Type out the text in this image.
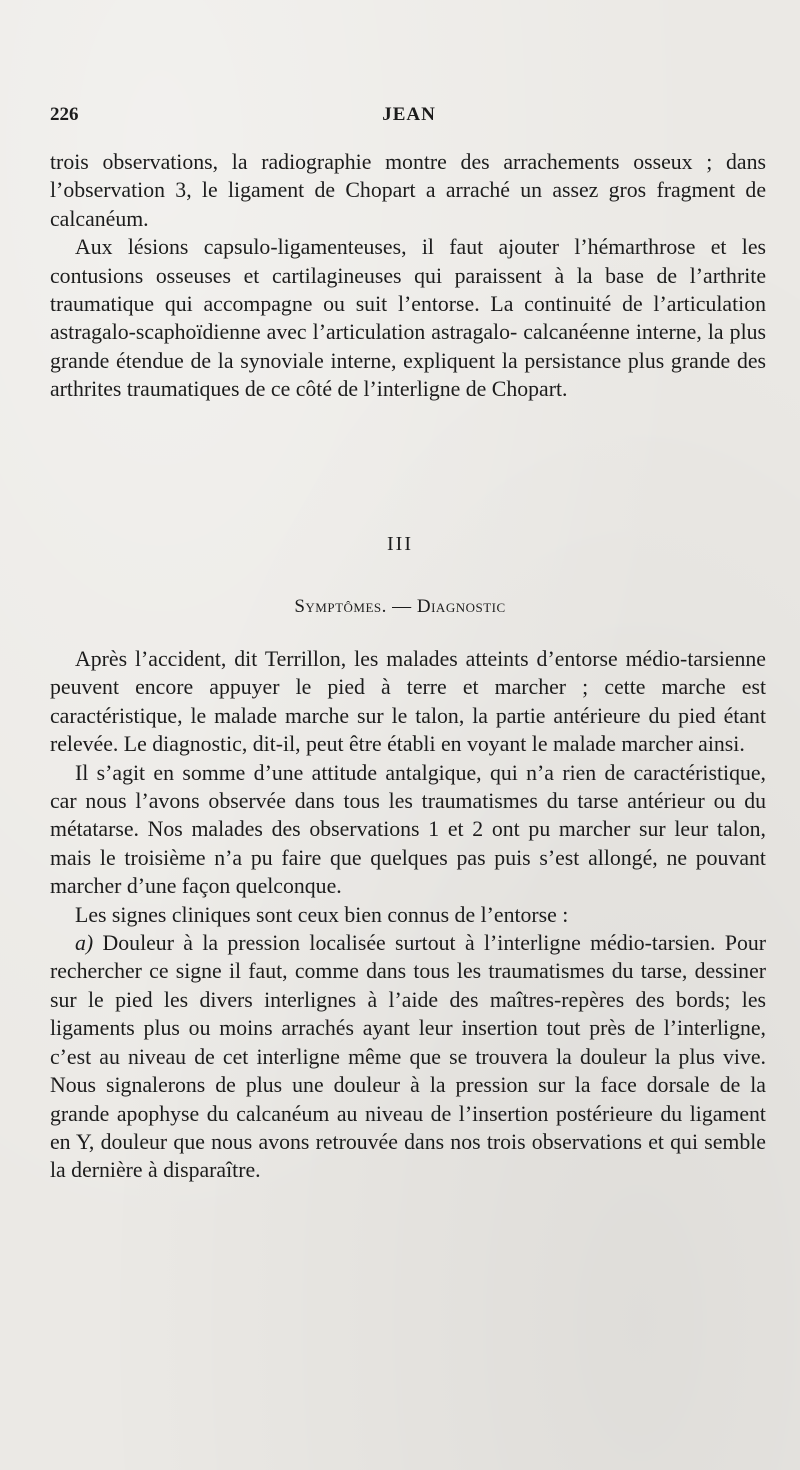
226	JEAN

trois observations, la radiographie montre des arrachements osseux ; dans l’observation 3, le ligament de Chopart a arraché un assez gros fragment de calcanéum.

Aux lésions capsulo-ligamenteuses, il faut ajouter l’hémarthrose et les contusions osseuses et cartilagineuses qui paraissent à la base de l’arthrite traumatique qui accompagne ou suit l’entorse. La continuité de l’articulation astragalo-scaphoïdienne avec l’articulation astragalo- calcanéenne interne, la plus grande étendue de la synoviale interne, expliquent la persistance plus grande des arthrites traumatiques de ce côté de l’interligne de Chopart.

III
Symptômes. — Diagnostic

Après l’accident, dit Terrillon, les malades atteints d’entorse médio-tarsienne peuvent encore appuyer le pied à terre et marcher ; cette marche est caractéristique, le malade marche sur le talon, la partie antérieure du pied étant relevée. Le diagnostic, dit-il, peut être établi en voyant le malade marcher ainsi.

Il s’agit en somme d’une attitude antalgique, qui n’a rien de caractéristique, car nous l’avons observée dans tous les traumatismes du tarse antérieur ou du métatarse. Nos malades des observations 1 et 2 ont pu marcher sur leur talon, mais le troisième n’a pu faire que quelques pas puis s’est allongé, ne pouvant marcher d’une façon quelconque.

Les signes cliniques sont ceux bien connus de l’entorse :

a) Douleur à la pression localisée surtout à l’interligne médio-tarsien. Pour rechercher ce signe il faut, comme dans tous les traumatismes du tarse, dessiner sur le pied les divers interlignes à l’aide des maîtres-repères des bords; les ligaments plus ou moins arrachés ayant leur insertion tout près de l’interligne, c’est au niveau de cet interligne même que se trouvera la douleur la plus vive. Nous signalerons de plus une douleur à la pression sur la face dorsale de la grande apophyse du calcanéum au niveau de l’insertion postérieure du ligament en Y, douleur que nous avons retrouvée dans nos trois observations et qui semble la dernière à disparaître.
